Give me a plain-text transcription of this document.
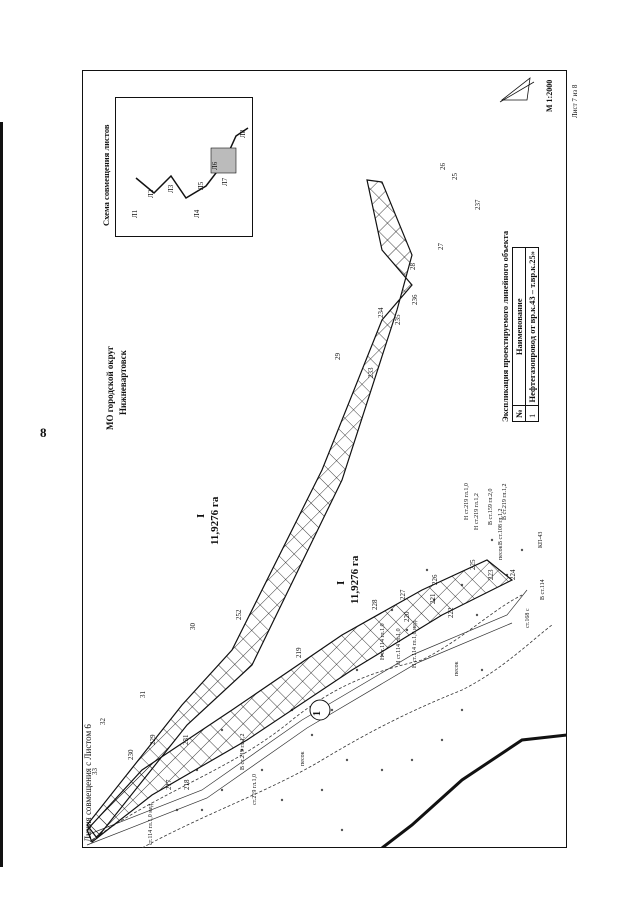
8
Линия совмещения с Листом 6
МО городской округ Нижневартовск
I 11,9276 га
I 11,9276 га
Схема совмещения листов	Л1
Л2
Л3
Л4
Л5
Л6
Л7
Л8
Экспликация проектируемого линейного объекта №	Наименование
1	Нефтегазопровод от вр.к.43 – т.вр.к.25»
М 1:2000 Лист 7 из 8
25
26
237
27
28
234
235
236
29
233
30
252
31
32
33
230
229	231
217 218
219
220
221
222
223 224
225
226
227
228
песок
песок
песок
КП-43
В ст.114
В ст.219 гл.1,2
Н ст.219 гл.1,2
Н ст.219 гл.1,0	В ст.159 гл.2,0
В ст.108 гл.1,2
Н ст.114 гл.1,0 Н ст.114 гл.1,0 Н ст.114 гл.1,0 нед.
В ст.219 гл.1,2
ст.219 гл.1,0
ст.168 с
ст.114 гл.1,0 нед.
1
